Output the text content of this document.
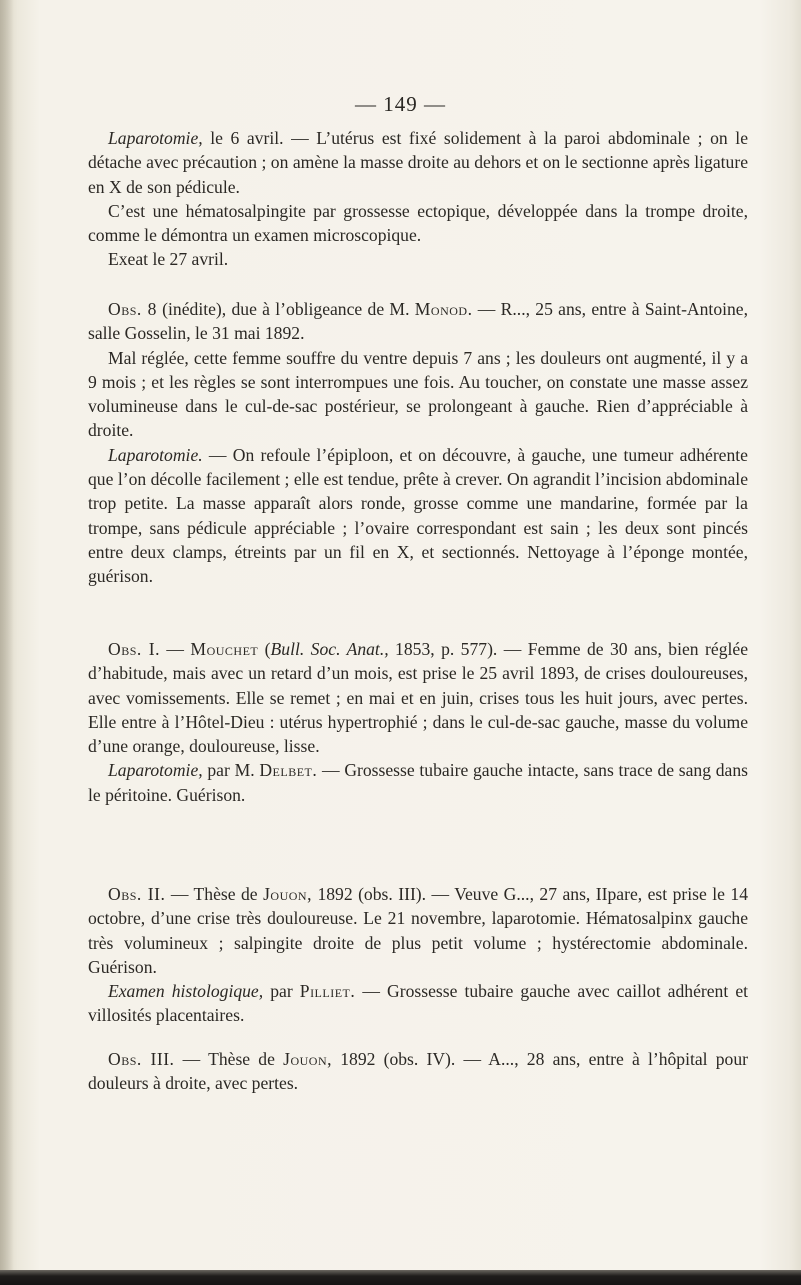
— 149 —

Laparotomie, le 6 avril. — L’utérus est fixé solidement à la paroi abdominale ; on le détache avec précaution ; on amène la masse droite au dehors et on le sectionne après ligature en X de son pédicule.

C’est une hématosalpingite par grossesse ectopique, développée dans la trompe droite, comme le démontra un examen microscopique.

Exeat le 27 avril.

Obs. 8 (inédite), due à l’obligeance de M. Monod. — R..., 25 ans, entre à Saint-Antoine, salle Gosselin, le 31 mai 1892.

Mal réglée, cette femme souffre du ventre depuis 7 ans ; les douleurs ont augmenté, il y a 9 mois ; et les règles se sont interrompues une fois. Au toucher, on constate une masse assez volumineuse dans le cul-de-sac postérieur, se prolongeant à gauche. Rien d’appréciable à droite.

Laparotomie. — On refoule l’épiploon, et on découvre, à gauche, une tumeur adhérente que l’on décolle facilement ; elle est tendue, prête à crever. On agrandit l’incision abdominale trop petite. La masse apparaît alors ronde, grosse comme une mandarine, formée par la trompe, sans pédicule appréciable ; l’ovaire correspondant est sain ; les deux sont pincés entre deux clamps, étreints par un fil en X, et sectionnés. Nettoyage à l’éponge montée, guérison.

Obs. I. — Mouchet (Bull. Soc. Anat., 1853, p. 577). — Femme de 30 ans, bien réglée d’habitude, mais avec un retard d’un mois, est prise le 25 avril 1893, de crises douloureuses, avec vomissements. Elle se remet ; en mai et en juin, crises tous les huit jours, avec pertes. Elle entre à l’Hôtel-Dieu : utérus hypertrophié ; dans le cul-de-sac gauche, masse du volume d’une orange, douloureuse, lisse.

Laparotomie, par M. Delbet. — Grossesse tubaire gauche intacte, sans trace de sang dans le péritoine. Guérison.

Obs. II. — Thèse de Jouon, 1892 (obs. III). — Veuve G..., 27 ans, IIpare, est prise le 14 octobre, d’une crise très douloureuse. Le 21 novembre, laparotomie. Hématosalpinx gauche très volumineux ; salpingite droite de plus petit volume ; hystérectomie abdominale. Guérison.

Examen histologique, par Pilliet. — Grossesse tubaire gauche avec caillot adhérent et villosités placentaires.

Obs. III. — Thèse de Jouon, 1892 (obs. IV). — A..., 28 ans, entre à l’hôpital pour douleurs à droite, avec pertes.
